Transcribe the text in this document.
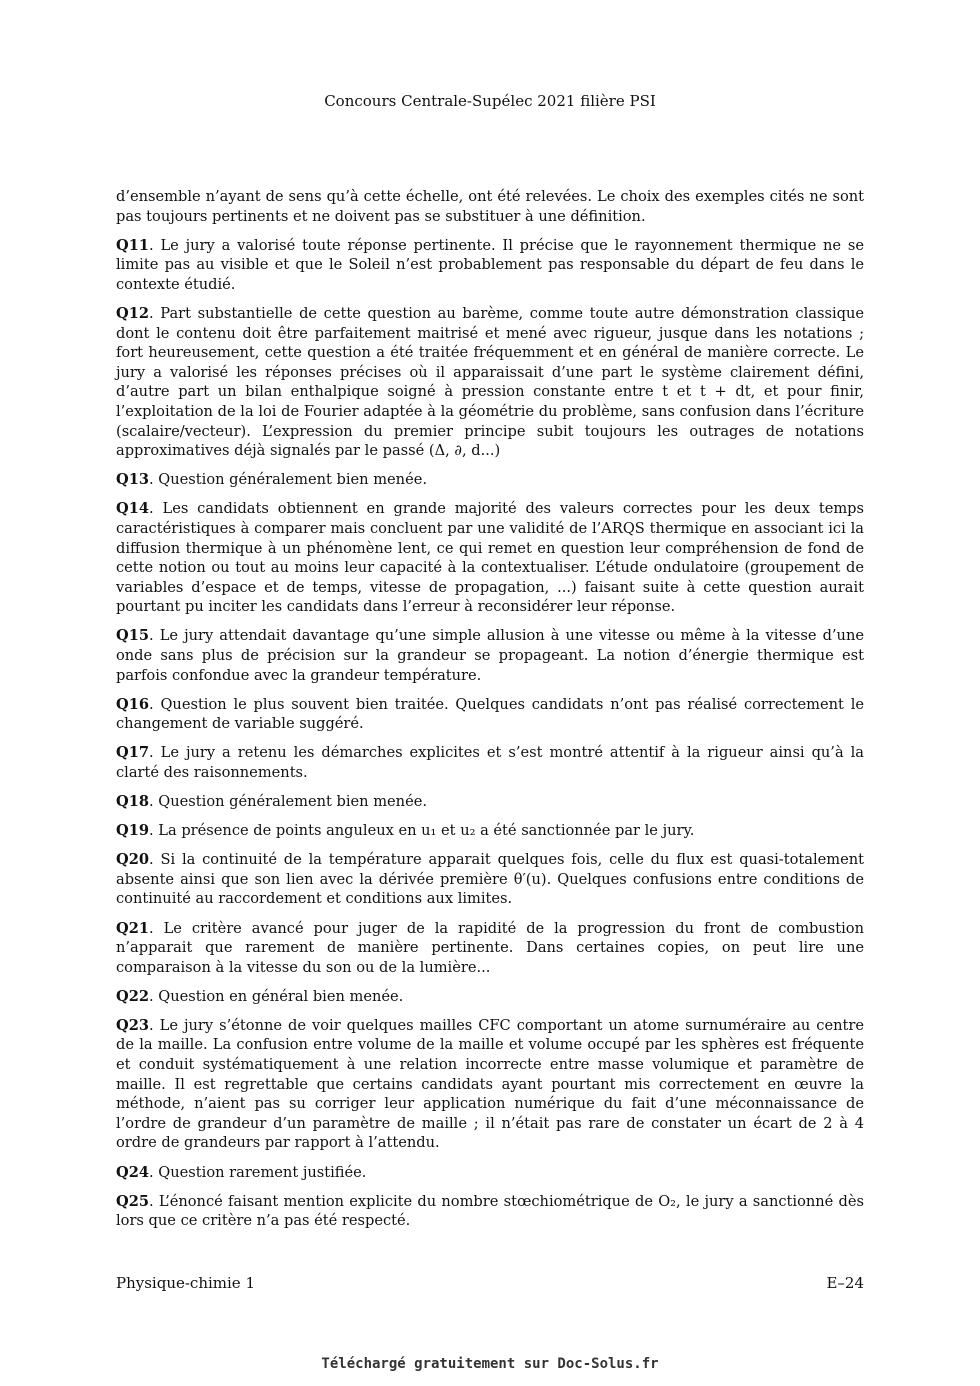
Concours Centrale-Supélec 2021 filière PSI

d’ensemble n’ayant de sens qu’à cette échelle, ont été relevées. Le choix des exemples cités ne sont pas toujours pertinents et ne doivent pas se substituer à une définition.

Q11. Le jury a valorisé toute réponse pertinente. Il précise que le rayonnement thermique ne se limite pas au visible et que le Soleil n’est probablement pas responsable du départ de feu dans le contexte étudié.

Q12. Part substantielle de cette question au barème, comme toute autre démonstration classique dont le contenu doit être parfaitement maitrisé et mené avec rigueur, jusque dans les notations ; fort heureusement, cette question a été traitée fréquemment et en général de manière correcte. Le jury a valorisé les réponses précises où il apparaissait d’une part le système clairement défini, d’autre part un bilan enthalpique soigné à pression constante entre t et t + dt, et pour finir, l’exploitation de la loi de Fourier adaptée à la géométrie du problème, sans confusion dans l’écriture (scalaire/vecteur). L’expression du premier principe subit toujours les outrages de notations approximatives déjà signalés par le passé (Δ, ∂, d...)

Q13. Question généralement bien menée.

Q14. Les candidats obtiennent en grande majorité des valeurs correctes pour les deux temps caractéristiques à comparer mais concluent par une validité de l’ARQS thermique en associant ici la diffusion thermique à un phénomène lent, ce qui remet en question leur compréhension de fond de cette notion ou tout au moins leur capacité à la contextualiser. L’étude ondulatoire (groupement de variables d’espace et de temps, vitesse de propagation, ...) faisant suite à cette question aurait pourtant pu inciter les candidats dans l’erreur à reconsidérer leur réponse.

Q15. Le jury attendait davantage qu’une simple allusion à une vitesse ou même à la vitesse d’une onde sans plus de précision sur la grandeur se propageant. La notion d’énergie thermique est parfois confondue avec la grandeur température.

Q16. Question le plus souvent bien traitée. Quelques candidats n’ont pas réalisé correctement le changement de variable suggéré.

Q17. Le jury a retenu les démarches explicites et s’est montré attentif à la rigueur ainsi qu’à la clarté des raisonnements.

Q18. Question généralement bien menée.

Q19. La présence de points anguleux en u₁ et u₂ a été sanctionnée par le jury.

Q20. Si la continuité de la température apparait quelques fois, celle du flux est quasi-totalement absente ainsi que son lien avec la dérivée première θ′(u). Quelques confusions entre conditions de continuité au raccordement et conditions aux limites.

Q21. Le critère avancé pour juger de la rapidité de la progression du front de combustion n’apparait que rarement de manière pertinente. Dans certaines copies, on peut lire une comparaison à la vitesse du son ou de la lumière...

Q22. Question en général bien menée.

Q23. Le jury s’étonne de voir quelques mailles CFC comportant un atome surnuméraire au centre de la maille. La confusion entre volume de la maille et volume occupé par les sphères est fréquente et conduit systématiquement à une relation incorrecte entre masse volumique et paramètre de maille. Il est regrettable que certains candidats ayant pourtant mis correctement en œuvre la méthode, n’aient pas su corriger leur application numérique du fait d’une méconnaissance de l’ordre de grandeur d’un paramètre de maille ; il n’était pas rare de constater un écart de 2 à 4 ordre de grandeurs par rapport à l’attendu.

Q24. Question rarement justifiée.

Q25. L’énoncé faisant mention explicite du nombre stœchiométrique de O₂, le jury a sanctionné dès lors que ce critère n’a pas été respecté.

Physique-chimie 1	E–24
Téléchargé gratuitement sur Doc-Solus.fr
